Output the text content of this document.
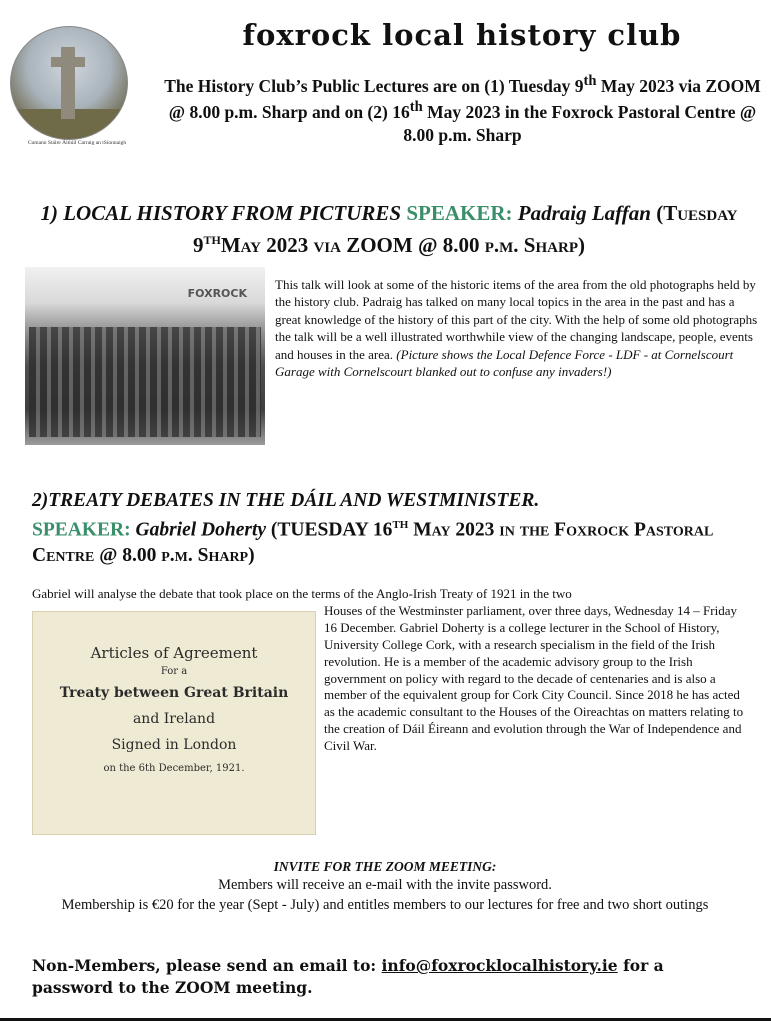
Cumann Stáire Áitiúil Carraig an tSionnaigh
foxrock local history club
The History Club’s Public Lectures are on (1) Tuesday 9th May 2023 via ZOOM @ 8.00 p.m. Sharp and on (2) 16th May 2023 in the Foxrock Pastoral Centre @ 8.00 p.m. Sharp
1) LOCAL HISTORY FROM PICTURES SPEAKER: Padraig Laffan (Tuesday 9thMay 2023 via ZOOM @ 8.00 p.m. Sharp)
FOXROCK

This talk will look at some of the historic items of the area from the old photographs held by the history club. Padraig has talked on many local topics in the area in the past and has a great knowledge of the history of this part of the city. With the help of some old photographs the talk will be a well illustrated worthwhile view of the changing landscape, people, events and houses in the area. (Picture shows the Local Defence Force - LDF - at Cornelscourt Garage with Cornelscourt blanked out to confuse any invaders!)

2)TREATY DEBATES IN THE DÁIL AND WESTMINISTER.
SPEAKER: Gabriel Doherty (TUESDAY 16th May 2023 in the Foxrock Pastoral Centre @ 8.00 p.m. Sharp)

Gabriel will analyse the debate that took place on the terms of the Anglo-Irish Treaty of 1921 in the two

Articles of Agreement
For a
Treaty between Great Britain
and Ireland
Signed in London
on the 6th December, 1921.

Houses of the Westminster parliament, over three days, Wednesday 14 – Friday 16 December. Gabriel Doherty is a college lecturer in the School of History, University College Cork, with a research specialism in the field of the Irish revolution. He is a member of the academic advisory group to the Irish government on policy with regard to the decade of centenaries and is also a member of the equivalent group for Cork City Council. Since 2018 he has acted as the academic consultant to the Houses of the Oireachtas on matters relating to the creation of Dáil Éireann and evolution through the War of Independence and Civil War.

INVITE FOR THE ZOOM MEETING:
Members will receive an e-mail with the invite password.
Membership is €20 for the year (Sept - July) and entitles members to our lectures for free and two short outings
Non-Members, please send an email to: info@foxrocklocalhistory.ie for a password to the ZOOM meeting.
